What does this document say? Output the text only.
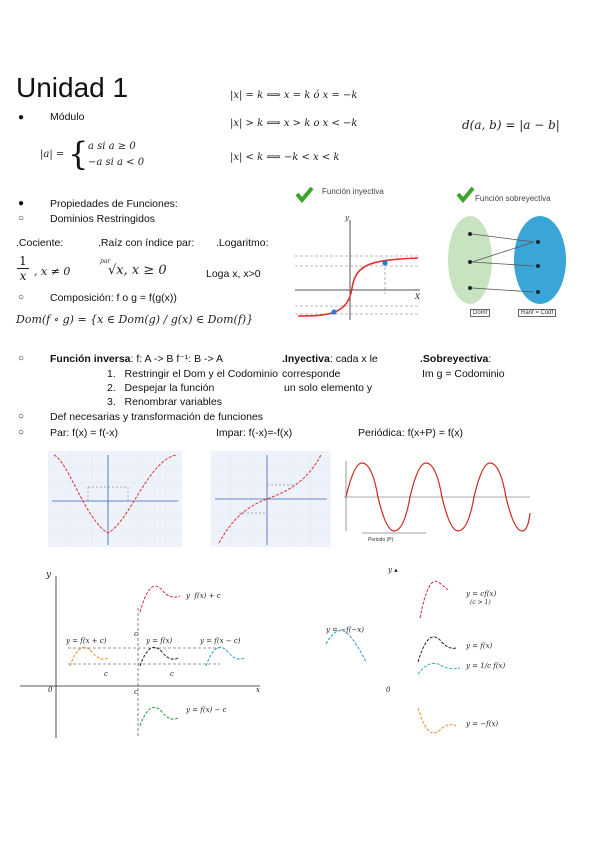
Unidad 1
● Módulo
|a| = { a si a ≥ 0
−a si a < 0
|x| = k ⟺ x = k ó x = −k
|x| > k ⟺ x > k o x < −k
|x| < k ⟺ −k < x < k
d(a, b) = |a − b|
● Propiedades de Funciones:
○ Dominios Restringidos
.Cociente:	.Raíz con índice par: .Logaritmo:
$\frac{1}{x}$ , x ≠ 0
par
√x, x ≥ 0	Loga x, x>0
○ Composición: f o g = f(g(x))
Dom(f ∘ g) = {x ∈ Dom(g) / g(x) ∈ Dom(f)}
Función inyectiva
y
X
Función sobreyectiva
Domf	Ranf = Codf
○ Función inversa: f: A -> B f⁻¹: B -> A
1.   Restringir el Dom y el Codominio
2.   Despejar la función
3.   Renombrar variables
.Inyectiva: cada x le
corresponde
un solo elemento y
.Sobreyectiva:
Im g = Codominio
○ Def necesarias y transformación de funciones
○ Par: f(x) = f(-x)	Impar: f(-x)=-f(x)	Periódica: f(x+P) = f(x)
Periodo (P)
y
x
0
c
c
c	c
y  f(x) + c
y = f(x + c)	y = f(x)	y = f(x − c)
y = f(x) − c
y ▴
0
y = −f(−x)
y = cf(x)
(c > 1)
y = f(x)
y = 1/c f(x)
y = −f(x)
